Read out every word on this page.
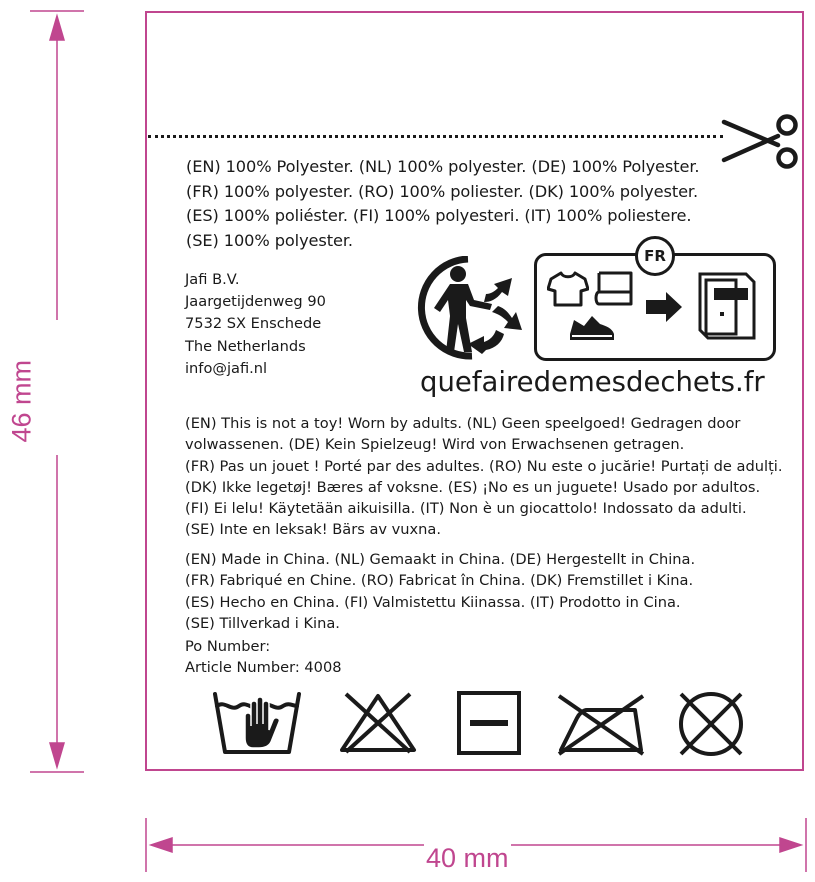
46 mm
40 mm
(EN) 100% Polyester. (NL) 100% polyester. (DE) 100% Polyester.
(FR) 100% polyester. (RO) 100% poliester. (DK) 100% polyester.
(ES) 100% poliéster. (FI) 100% polyesteri. (IT) 100% poliestere.
(SE) 100% polyester.
Jafi B.V.
Jaargetijdenweg 90
7532 SX Enschede
The Netherlands
info@jafi.nl
FR
quefairedemesdechets.fr
(EN) This is not a toy! Worn by adults. (NL) Geen speelgoed! Gedragen door
volwassenen. (DE) Kein Spielzeug! Wird von Erwachsenen getragen.
(FR) Pas un jouet ! Porté par des adultes. (RO) Nu este o jucărie! Purtați de adulți.
(DK) Ikke legetøj! Bæres af voksne. (ES) ¡No es un juguete! Usado por adultos.
(FI) Ei lelu! Käytetään aikuisilla. (IT) Non è un giocattolo! Indossato da adulti.
(SE) Inte en leksak! Bärs av vuxna.
(EN) Made in China. (NL) Gemaakt in China. (DE) Hergestellt in China.
(FR) Fabriqué en Chine. (RO) Fabricat în China. (DK) Fremstillet i Kina.
(ES) Hecho en China. (FI) Valmistettu Kiinassa. (IT) Prodotto in Cina.
(SE) Tillverkad i Kina.
Po Number:
Article Number: 4008
